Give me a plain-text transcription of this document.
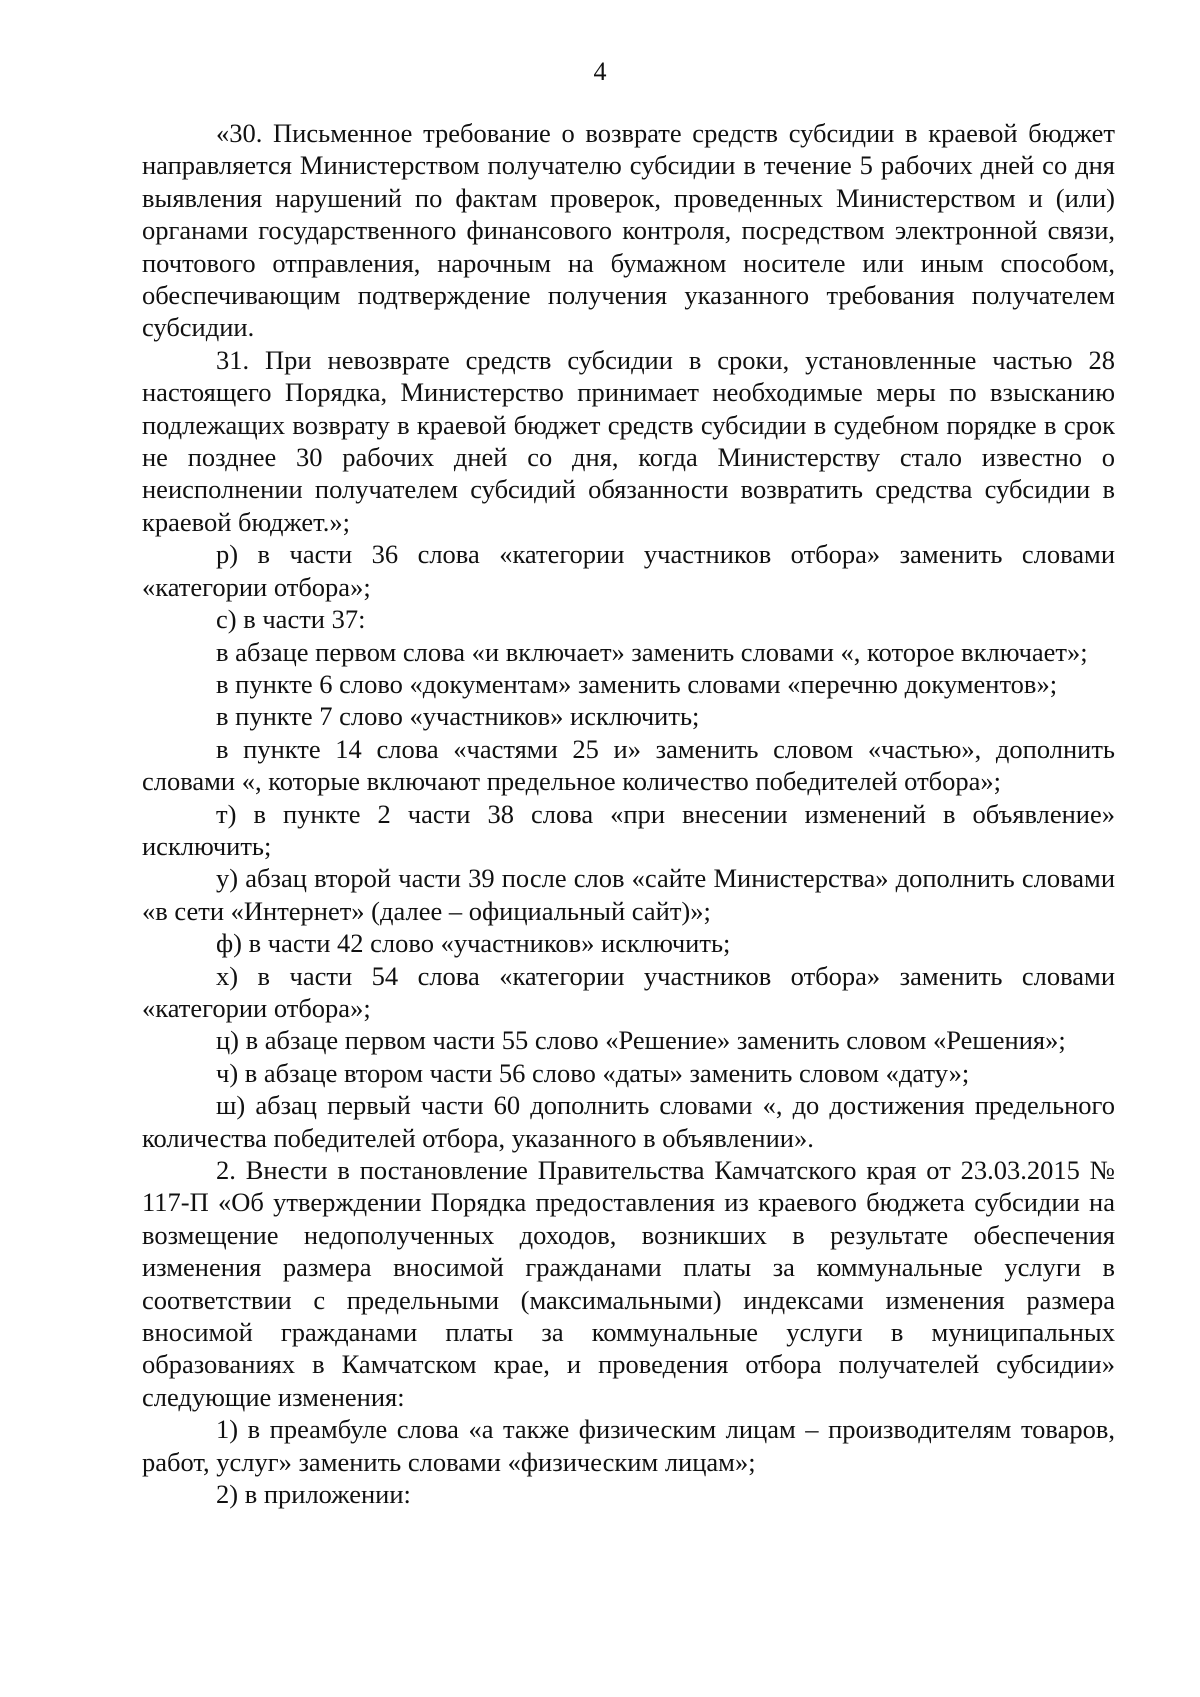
4

«30. Письменное требование о возврате средств субсидии в краевой бюджет направляется Министерством получателю субсидии в течение 5 рабочих дней со дня выявления нарушений по фактам проверок, проведенных Министерством и (или) органами государственного финансового контроля, посредством электронной связи, почтового отправления, нарочным на бумажном носителе или иным способом, обеспечивающим подтверждение получения указанного требования получателем субсидии.

31. При невозврате средств субсидии в сроки, установленные частью 28 настоящего Порядка, Министерство принимает необходимые меры по взысканию подлежащих возврату в краевой бюджет средств субсидии в судебном порядке в срок не позднее 30 рабочих дней со дня, когда Министерству стало известно о неисполнении получателем субсидий обязанности возвратить средства субсидии в краевой бюджет.»;

р) в части 36 слова «категории участников отбора» заменить словами «категории отбора»;

с) в части 37:

в абзаце первом слова «и включает» заменить словами «, которое включает»;

в пункте 6 слово «документам» заменить словами «перечню документов»;

в пункте 7 слово «участников» исключить;

в пункте 14 слова «частями 25 и» заменить словом «частью», дополнить словами «, которые включают предельное количество победителей отбора»;

т) в пункте 2 части 38 слова «при внесении изменений в объявление» исключить;

у) абзац второй части 39 после слов «сайте Министерства» дополнить словами «в сети «Интернет» (далее – официальный сайт)»;

ф) в части 42 слово «участников» исключить;

х) в части 54 слова «категории участников отбора» заменить словами «категории отбора»;

ц) в абзаце первом части 55 слово «Решение» заменить словом «Решения»;

ч) в абзаце втором части 56 слово «даты» заменить словом «дату»;

ш) абзац первый части 60 дополнить словами «, до достижения предельного количества победителей отбора, указанного в объявлении».

2. Внести в постановление Правительства Камчатского края от 23.03.2015 № 117-П «Об утверждении Порядка предоставления из краевого бюджета субсидии на возмещение недополученных доходов, возникших в результате обеспечения изменения размера вносимой гражданами платы за коммунальные услуги в соответствии с предельными (максимальными) индексами изменения размера вносимой гражданами платы за коммунальные услуги в муниципальных образованиях в Камчатском крае, и проведения отбора получателей субсидии» следующие изменения:

1) в преамбуле слова «а также физическим лицам – производителям товаров, работ, услуг» заменить словами «физическим лицам»;

2) в приложении:
